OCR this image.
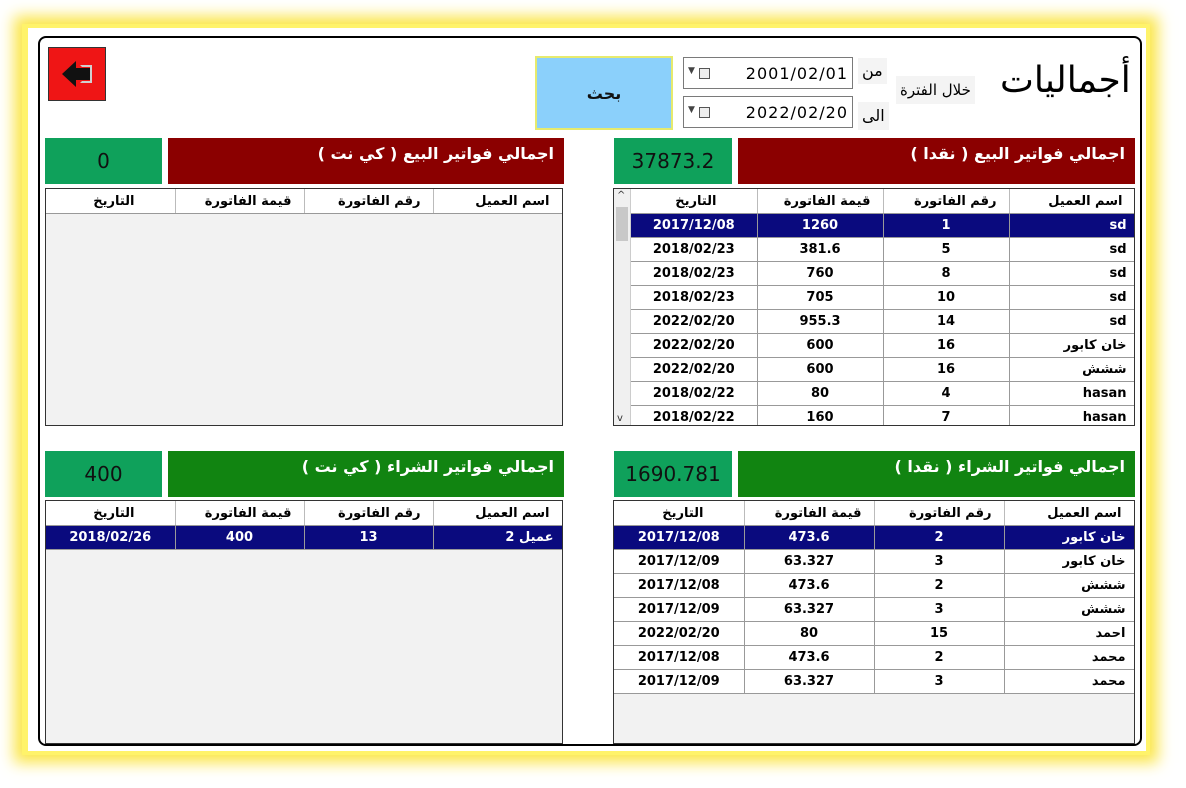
بحث
▼	2001/02/01
▼	2022/02/20
من
الى
خلال الفترة أجماليات
اجمالي فواتير البيع ( نقدا )
37873.2
^
v
اسم العميل	رقم الفاتورة	قيمة الفاتورة	التاريخ
sd	1	1260	2017/12/08
sd	5	381.6	2018/02/23
sd	8	760	2018/02/23
sd	10	705	2018/02/23
sd	14	955.3	2022/02/20
خان كابور	16	600	2022/02/20
ششش	16	600	2022/02/20
hasan	4	80	2018/02/22
hasan	7	160	2018/02/22
اجمالي فواتير البيع ( كي نت )
0
اسم العميل	رقم الفاتورة	قيمة الفاتورة	التاريخ
اجمالي فواتير الشراء ( نقدا )
1690.781
اسم العميل	رقم الفاتورة	قيمة الفاتورة	التاريخ
خان كابور	2	473.6	2017/12/08
خان كابور	3	63.327	2017/12/09
ششش	2	473.6	2017/12/08
ششش	3	63.327	2017/12/09
احمد	15	80	2022/02/20
محمد	2	473.6	2017/12/08
محمد	3	63.327	2017/12/09
اجمالي فواتير الشراء ( كي نت )
400
اسم العميل	رقم الفاتورة	قيمة الفاتورة	التاريخ
عميل 2	13	400	2018/02/26
